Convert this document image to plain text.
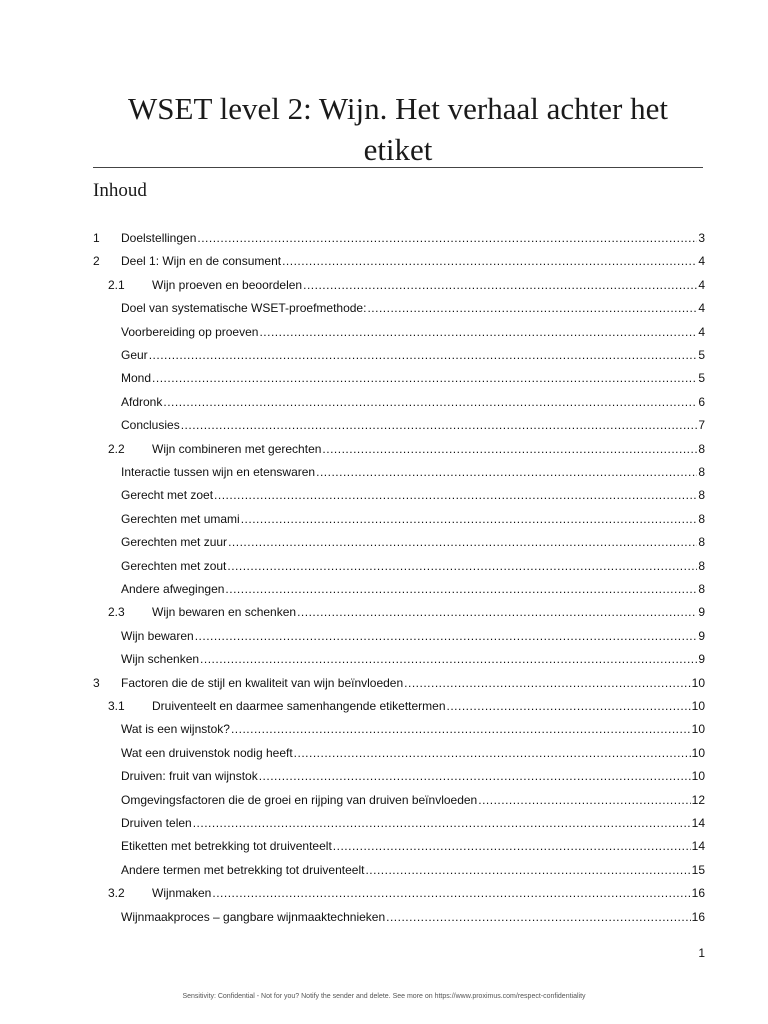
WSET level 2: Wijn. Het verhaal achter het etiket
Inhoud
1 Doelstellingen .....	3
2 Deel 1: Wijn en de consument .....	4
2.1 Wijn proeven en beoordelen .....	4
Doel van systematische WSET-proefmethode: .....	4
Voorbereiding op proeven .....	4
Geur .....	5
Mond .....	5
Afdronk .....	6
Conclusies .....	7
2.2 Wijn combineren met gerechten .....	8
Interactie tussen wijn en etenswaren .....	8
Gerecht met zoet .....	8
Gerechten met umami .....	8
Gerechten met zuur .....	8
Gerechten met zout .....	8
Andere afwegingen .....	8
2.3 Wijn bewaren en schenken .....	9
Wijn bewaren .....	9
Wijn schenken .....	9
3 Factoren die de stijl en kwaliteit van wijn beïnvloeden .....	10
3.1 Druiventeelt en daarmee samenhangende etikettermen .....	10
Wat is een wijnstok? .....	10
Wat een druivenstok nodig heeft .....	10
Druiven: fruit van wijnstok .....	10
Omgevingsfactoren die de groei en rijping van druiven beïnvloeden .....	12
Druiven telen .....	14
Etiketten met betrekking tot druiventeelt .....	14
Andere termen met betrekking tot druiventeelt .....	15
3.2 Wijnmaken .....	16
Wijnmaakproces – gangbare wijnmaaktechnieken .....	16
1
Sensitivity: Confidential - Not for you? Notify the sender and delete. See more on https://www.proximus.com/respect-confidentiality
